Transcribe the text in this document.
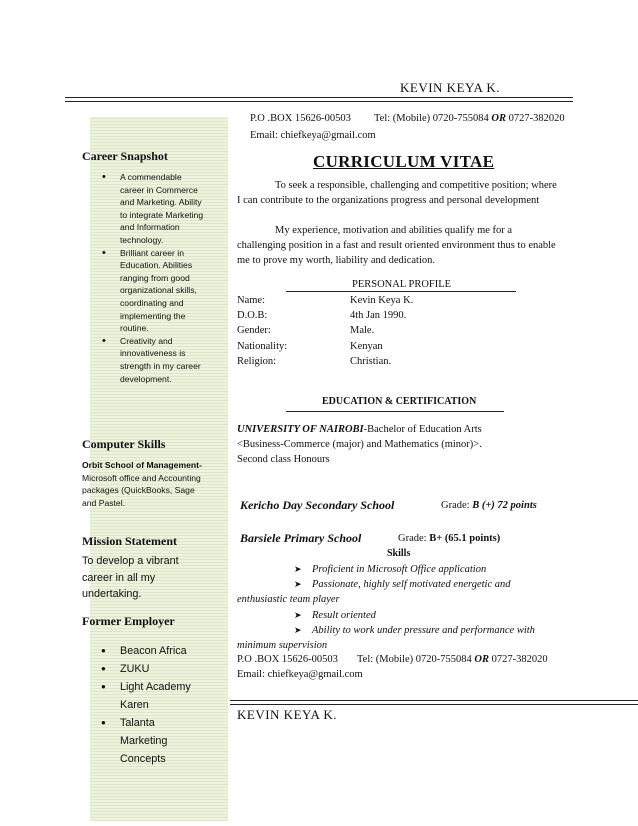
KEVIN KEYA K.
P.O .BOX 15626-00503 Tel: (Mobile) 0720-755084 OR 0727-382020
Email: chiefkeya@gmail.com
Career Snapshot
• A commendable career in Commerce and Marketing. Ability to integrate Marketing and Information technology.
• Brilliant career in Education. Abilities ranging from good organizational skills, coordinating and implementing the routine.
• Creativity and innovativeness is strength in my career development.
Computer Skills
Orbit School of Management-Microsoft office and Accounting packages (QuickBooks, Sage and Pastel.
Mission Statement
To develop a vibrant career in all my undertaking.
Former Employer
● Beacon Africa
● ZUKU
● Light Academy Karen
● Talanta Marketing Concepts
CURRICULUM VITAE
To seek a responsible, challenging and competitive position; where I can contribute to the organizations progress and personal development
My experience, motivation and abilities qualify me for a challenging position in a fast and result oriented environment thus to enable me to prove my worth, liability and dedication.
PERSONAL PROFILE
Name:
D.O.B:
Gender:
Nationality:
Religion:
Kevin Keya K.
4th Jan 1990.
Male.
Kenyan
Christian.
EDUCATION & CERTIFICATION
UNIVERSITY OF NAIROBI-Bachelor of Education Arts
<Business-Commerce (major) and Mathematics (minor)>.
Second class Honours
Kericho Day Secondary School	Grade: B (+) 72 points
Barsiele Primary School	Grade: B+ (65.1 points)
Skills
➤ Proficient in Microsoft Office application
➤ Passionate, highly self motivated energetic and
enthusiastic team player
➤ Result oriented
➤ Ability to work under pressure and performance with
minimum supervision
P.O .BOX 15626-00503 Tel: (Mobile) 0720-755084 OR 0727-382020
Email: chiefkeya@gmail.com
KEVIN KEYA K.
